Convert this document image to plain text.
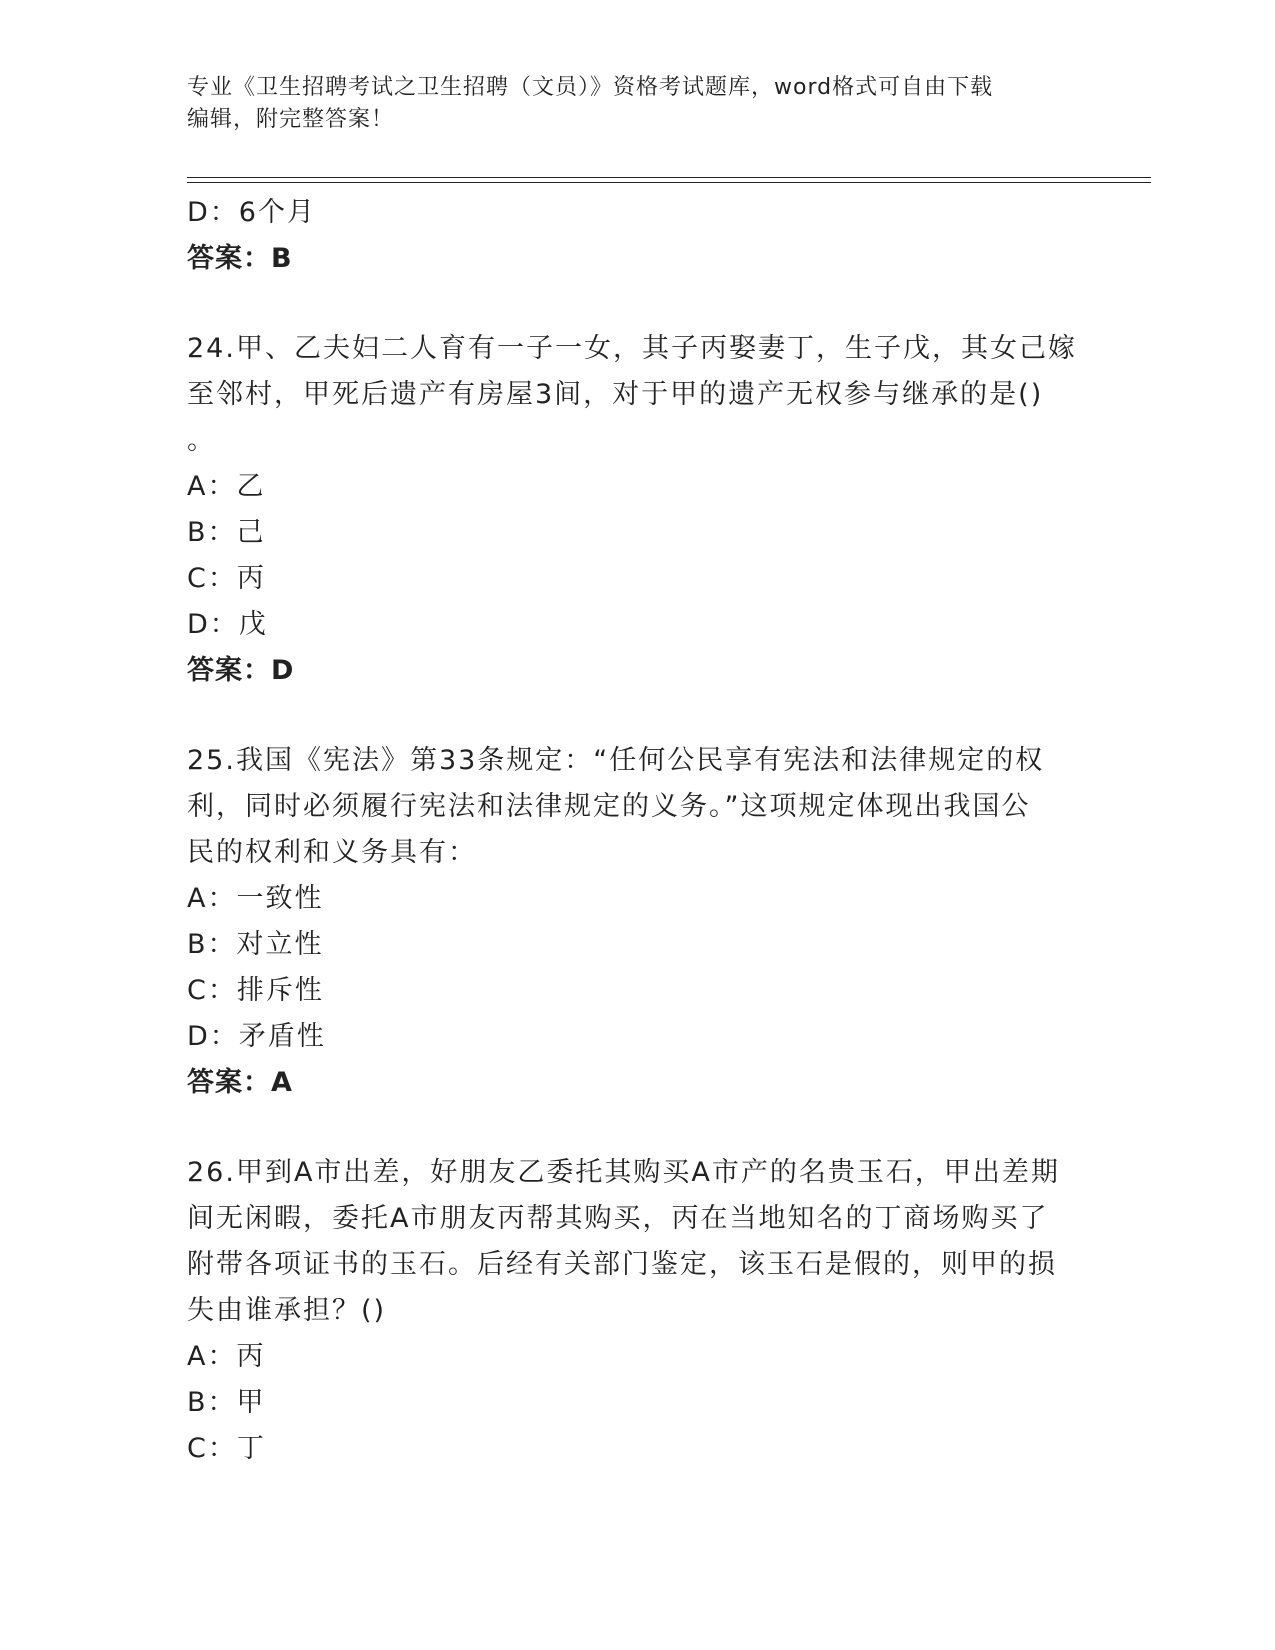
专业《卫生招聘考试之卫生招聘（文员）》资格考试题库，word格式可自由下载
编辑，附完整答案！
D：6个月
答案：B
24.甲、乙夫妇二人育有一子一女，其子丙娶妻丁，生子戊，其女己嫁
至邻村，甲死后遗产有房屋3间，对于甲的遗产无权参与继承的是()
。
A：乙
B：己
C：丙
D：戊
答案：D
25.我国《宪法》第33条规定：“任何公民享有宪法和法律规定的权
利，同时必须履行宪法和法律规定的义务。”这项规定体现出我国公
民的权利和义务具有：
A：一致性
B：对立性
C：排斥性
D：矛盾性
答案：A
26.甲到A市出差，好朋友乙委托其购买A市产的名贵玉石，甲出差期
间无闲暇，委托A市朋友丙帮其购买，丙在当地知名的丁商场购买了
附带各项证书的玉石。后经有关部门鉴定，该玉石是假的，则甲的损
失由谁承担？()
A：丙
B：甲
C：丁
